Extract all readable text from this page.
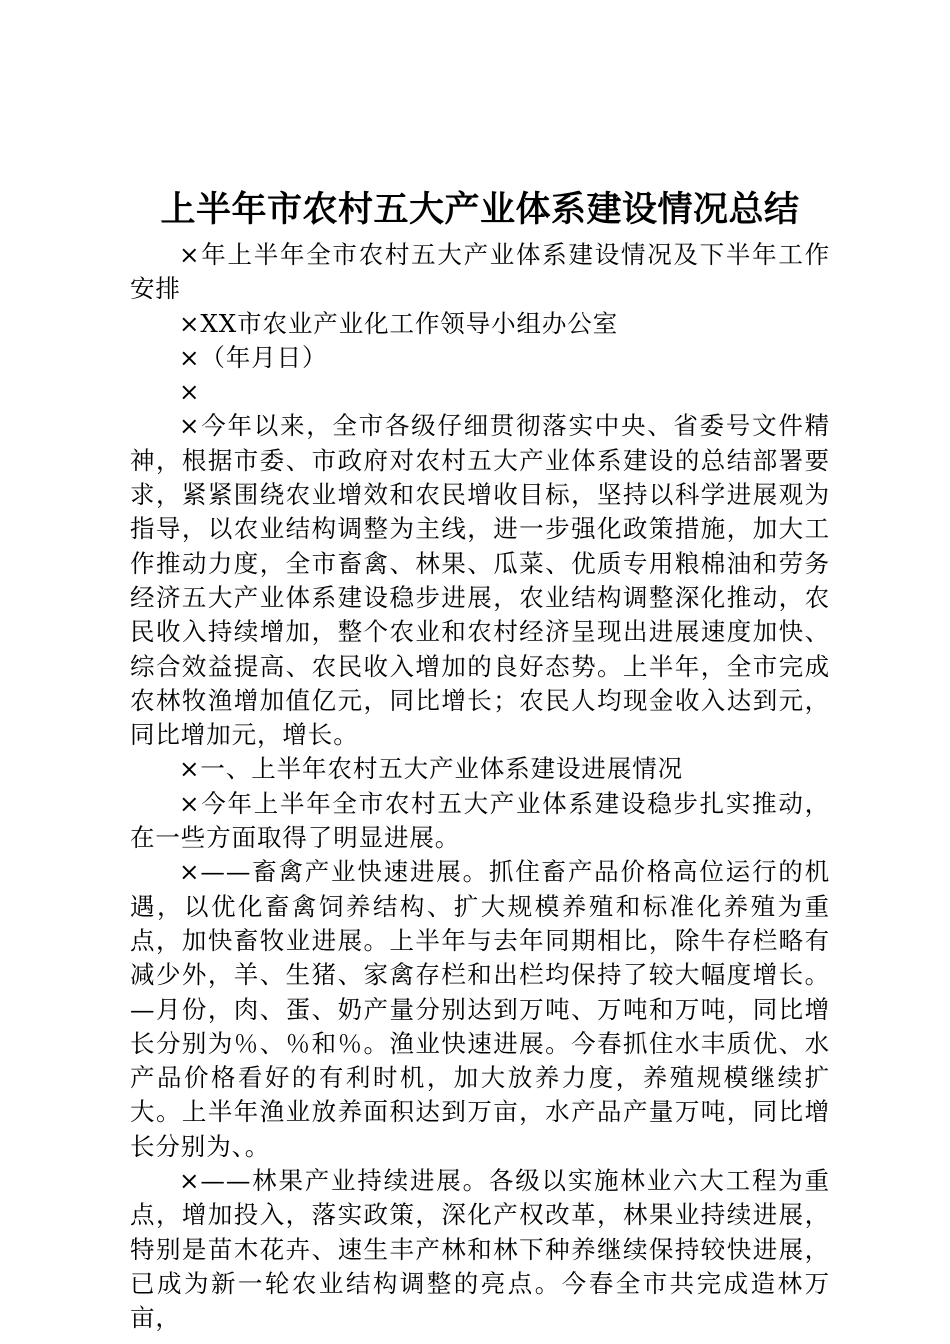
上半年市农村五大产业体系建设情况总结

×年上半年全市农村五大产业体系建设情况及下半年工作安排

×XX市农业产业化工作领导小组办公室

×（年月日）

×

×今年以来，全市各级仔细贯彻落实中央、省委号文件精神，根据市委、市政府对农村五大产业体系建设的总结部署要求，紧紧围绕农业增效和农民增收目标，坚持以科学进展观为指导，以农业结构调整为主线，进一步强化政策措施，加大工作推动力度，全市畜禽、林果、瓜菜、优质专用粮棉油和劳务经济五大产业体系建设稳步进展，农业结构调整深化推动，农民收入持续增加，整个农业和农村经济呈现出进展速度加快、综合效益提高、农民收入增加的良好态势。上半年，全市完成农林牧渔增加值亿元，同比增长；农民人均现金收入达到元，同比增加元，增长。

×一、上半年农村五大产业体系建设进展情况

×今年上半年全市农村五大产业体系建设稳步扎实推动，在一些方面取得了明显进展。

×——畜禽产业快速进展。抓住畜产品价格高位运行的机遇，以优化畜禽饲养结构、扩大规模养殖和标准化养殖为重点，加快畜牧业进展。上半年与去年同期相比，除牛存栏略有减少外，羊、生猪、家禽存栏和出栏均保持了较大幅度增长。—月份，肉、蛋、奶产量分别达到万吨、万吨和万吨，同比增长分别为％、％和％。渔业快速进展。今春抓住水丰质优、水产品价格看好的有利时机，加大放养力度，养殖规模继续扩大。上半年渔业放养面积达到万亩，水产品产量万吨，同比增长分别为、。

×——林果产业持续进展。各级以实施林业六大工程为重点，增加投入，落实政策，深化产权改革，林果业持续进展，特别是苗木花卉、速生丰产林和林下种养继续保持较快进展，已成为新一轮农业结构调整的亮点。今春全市共完成造林万亩，
